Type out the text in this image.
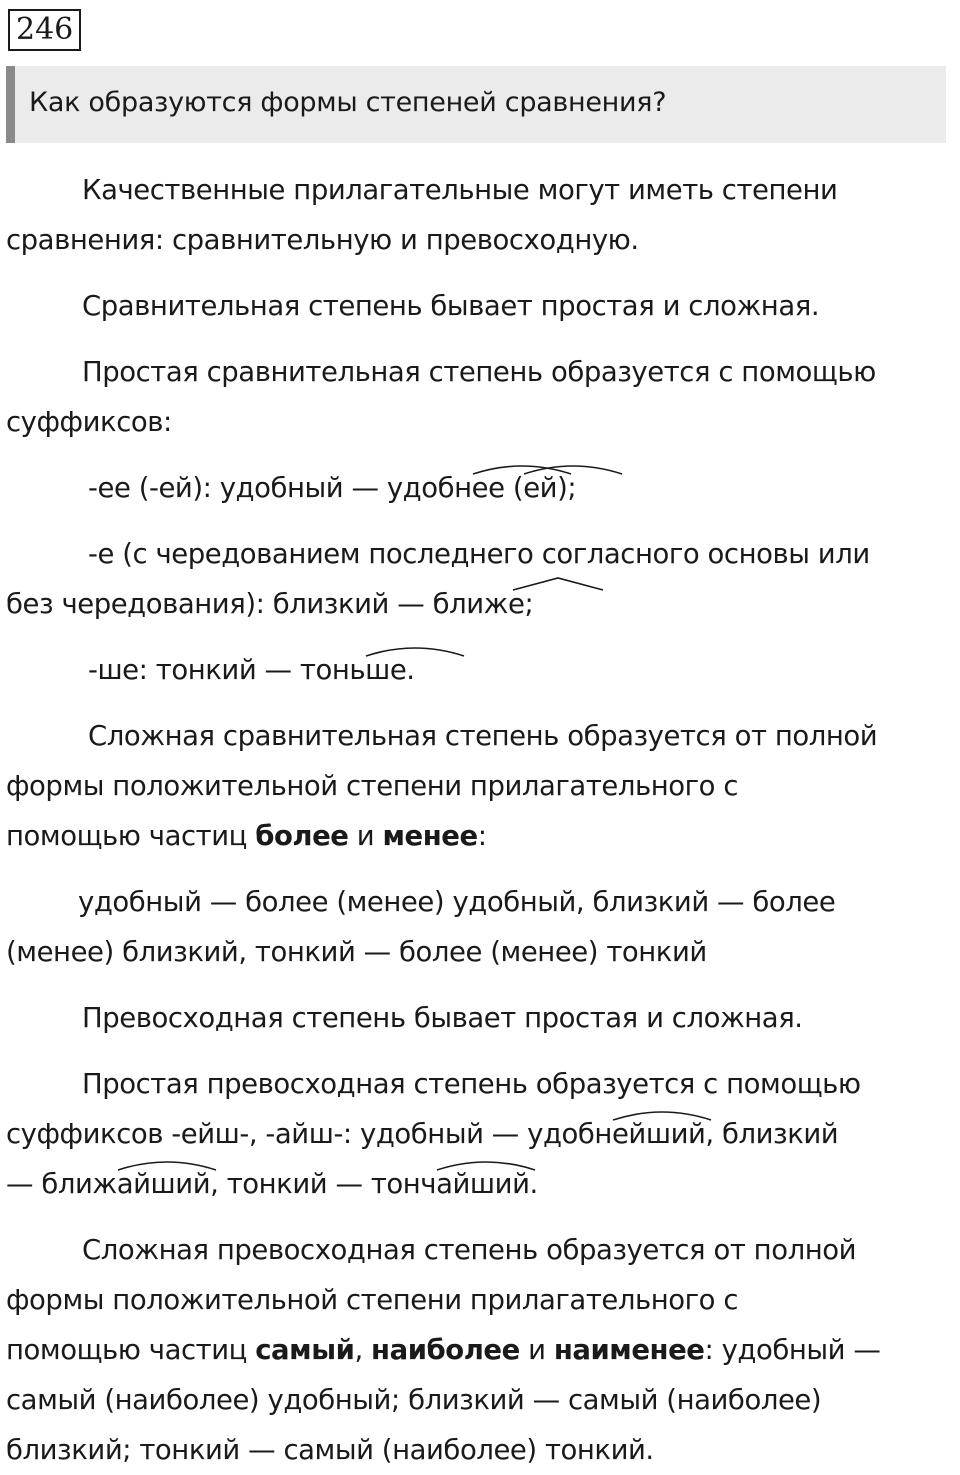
246
Как образуются формы степеней сравнения?
Качественные прилагательные могут иметь степени
сравнения: сравнительную и превосходную.
Сравнительная степень бывает простая и сложная.
Простая сравнительная степень образуется с помощью
суффиксов:
-ее (-ей): удобный — удобнее
(ей
);
-е (с чередованием последнего согласного основы или
без чередования): близкий — ближе
;
-ше: тонкий — тоньше
.
Сложная сравнительная степень образуется от полной
формы положительной степени прилагательного с
помощью частиц более и менее:
удобный — более (менее) удобный, близкий — более
(менее) близкий, тонкий — более (менее) тонкий
Превосходная степень бывает простая и сложная.
Простая превосходная степень образуется с помощью
суффиксов -ейш-, -айш-: удобный — удобнейш
ий, близкий
— ближайш
ий, тонкий — тончайш
ий.
Сложная превосходная степень образуется от полной
формы положительной степени прилагательного с
помощью частиц самый, наиболее и наименее: удобный —
самый (наиболее) удобный; близкий — самый (наиболее)
близкий; тонкий — самый (наиболее) тонкий.
